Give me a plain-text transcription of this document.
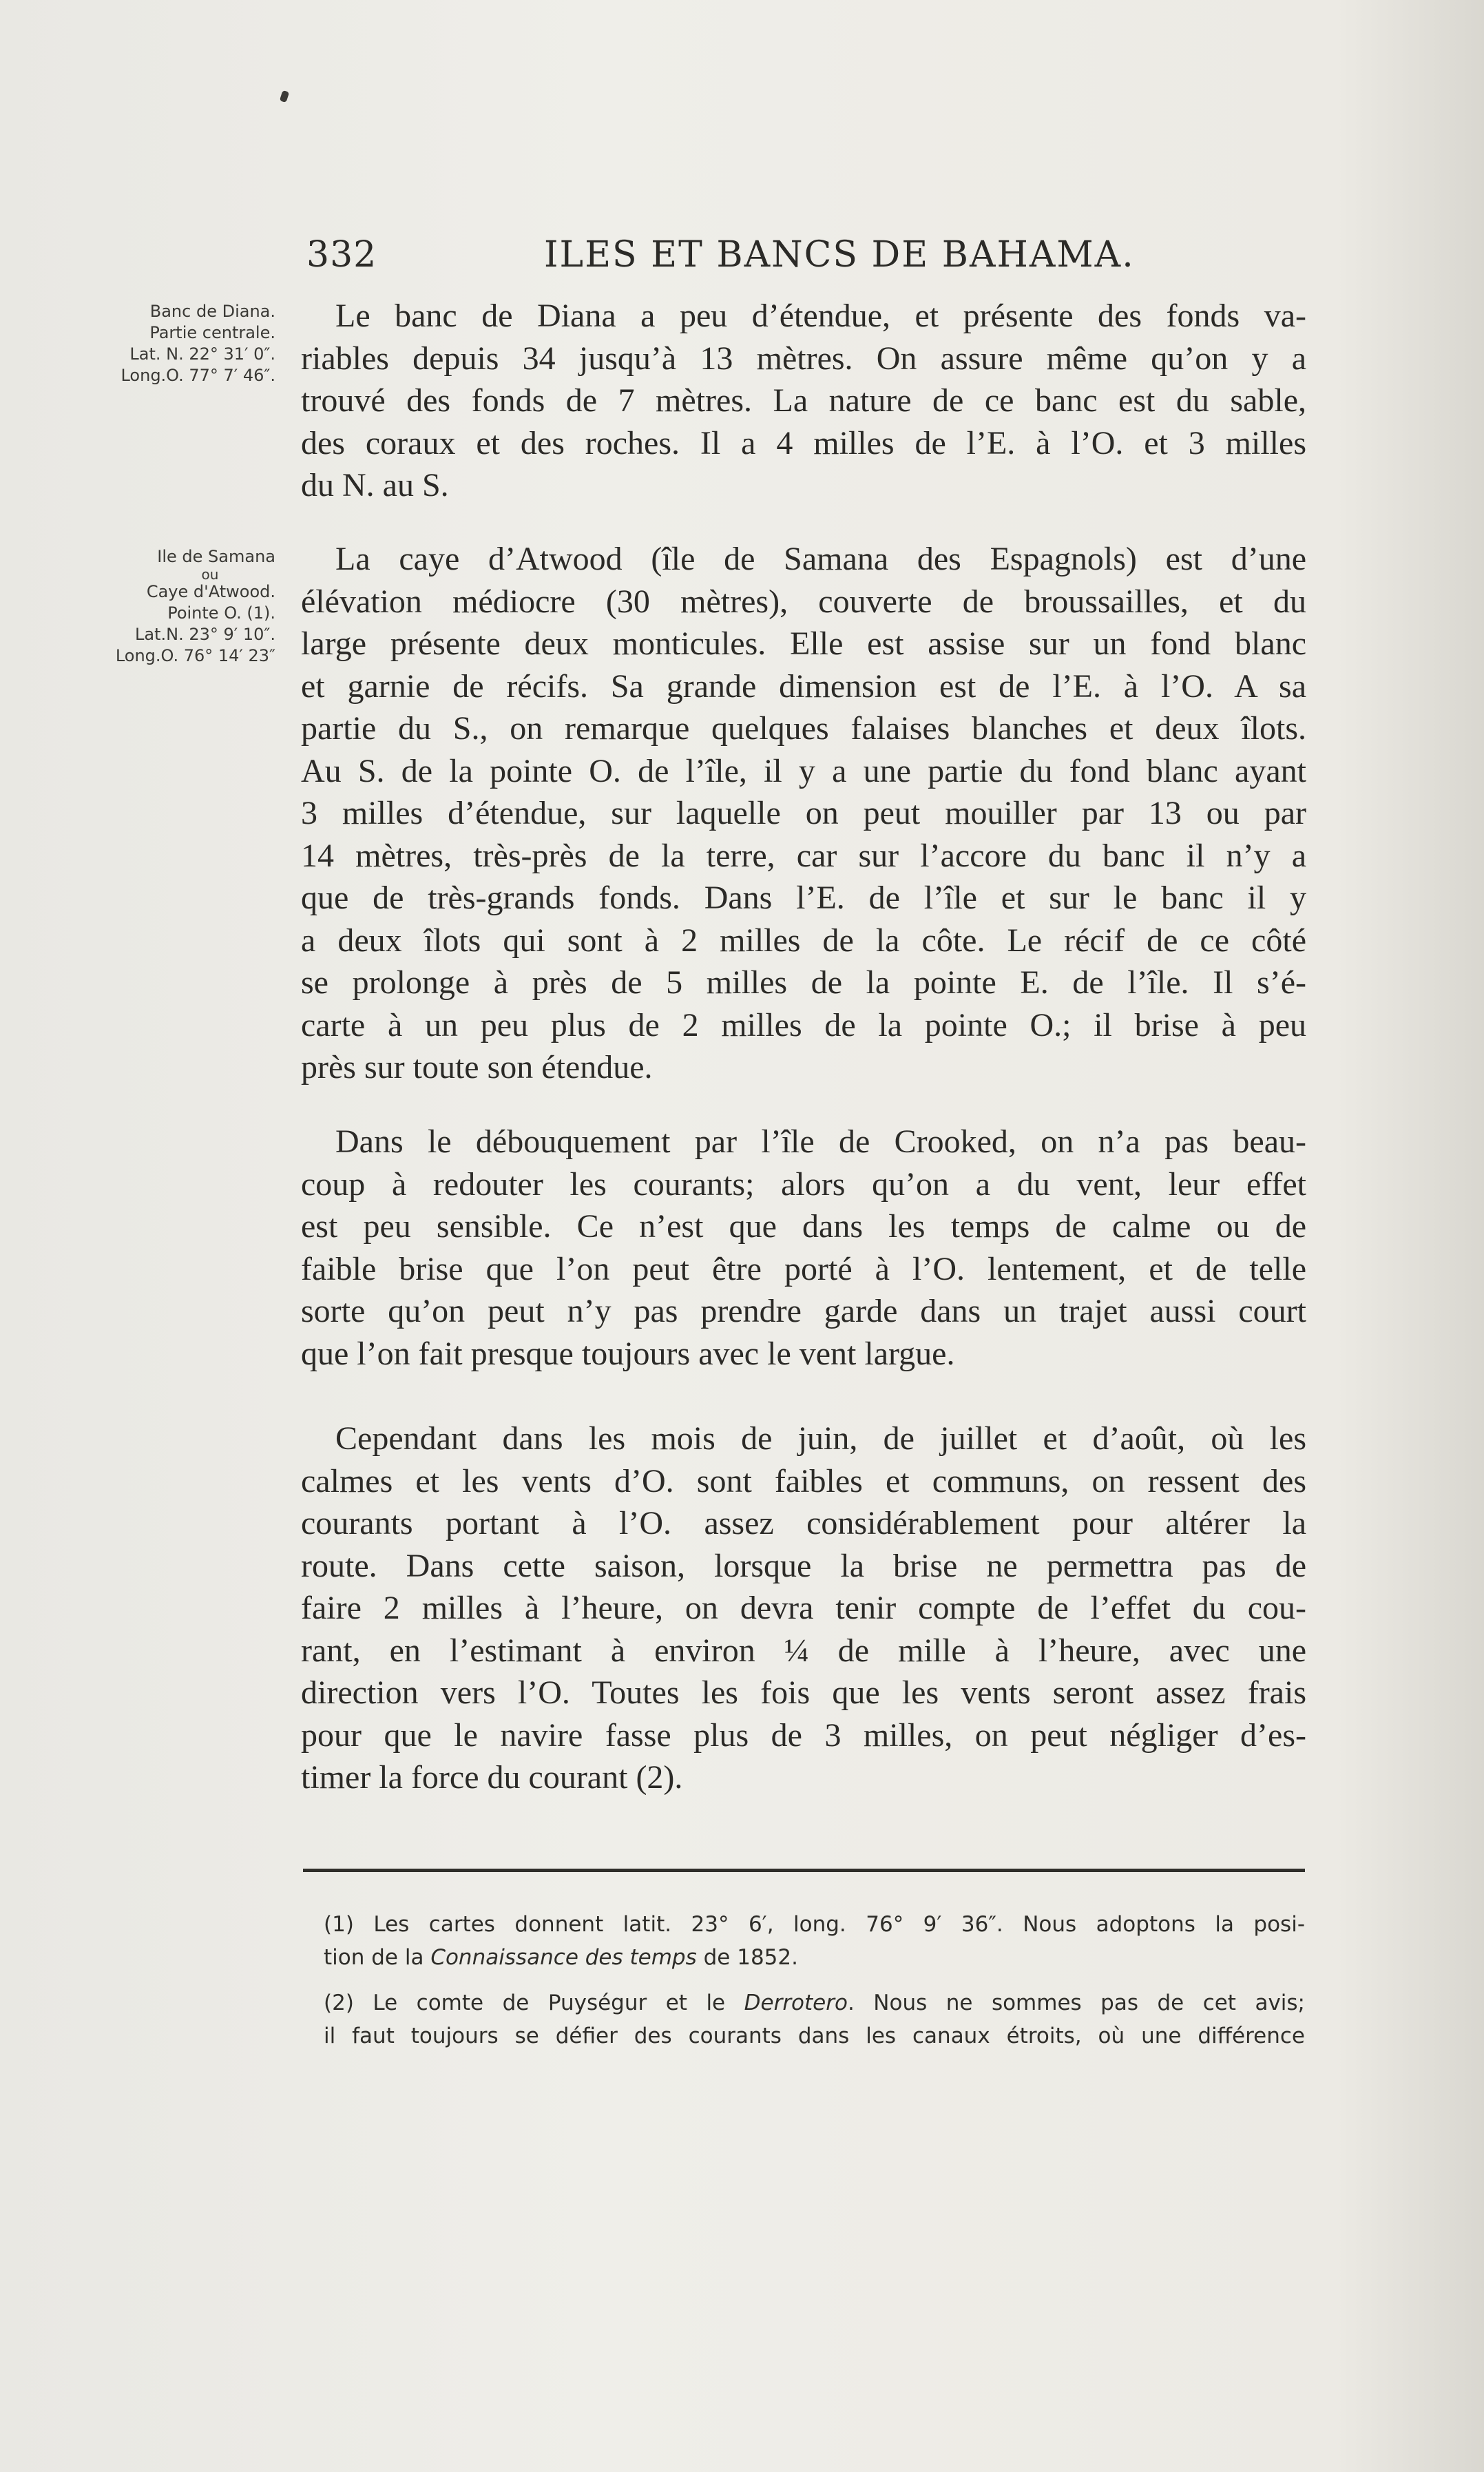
332	ILES ET BANCS DE BAHAMA.
Banc de Diana.
Partie centrale.
Lat. N. 22° 31′ 0″.
Long.O. 77° 7′ 46″.
Ile de Samana
ou
Caye d'Atwood.
Pointe O. (1).
Lat.N. 23° 9′ 10″.
Long.O. 76° 14′ 23″
Le banc de Diana a peu d’étendue, et présente des fonds va-
riables depuis 34 jusqu’à 13 mètres. On assure même qu’on y a
trouvé des fonds de 7 mètres. La nature de ce banc est du sable,
des coraux et des roches. Il a 4 milles de l’E. à l’O. et 3 milles
du N. au S.
La caye d’Atwood (île de Samana des Espagnols) est d’une
élévation médiocre (30 mètres), couverte de broussailles, et du
large présente deux monticules. Elle est assise sur un fond blanc
et garnie de récifs. Sa grande dimension est de l’E. à l’O. A sa
partie du S., on remarque quelques falaises blanches et deux îlots.
Au S. de la pointe O. de l’île, il y a une partie du fond blanc ayant
3 milles d’étendue, sur laquelle on peut mouiller par 13 ou par
14 mètres, très-près de la terre, car sur l’accore du banc il n’y a
que de très-grands fonds. Dans l’E. de l’île et sur le banc il y
a deux îlots qui sont à 2 milles de la côte. Le récif de ce côté
se prolonge à près de 5 milles de la pointe E. de l’île. Il s’é-
carte à un peu plus de 2 milles de la pointe O.; il brise à peu
près sur toute son étendue.
Dans le débouquement par l’île de Crooked, on n’a pas beau-
coup à redouter les courants; alors qu’on a du vent, leur effet
est peu sensible. Ce n’est que dans les temps de calme ou de
faible brise que l’on peut être porté à l’O. lentement, et de telle
sorte qu’on peut n’y pas prendre garde dans un trajet aussi court
que l’on fait presque toujours avec le vent largue.
Cependant dans les mois de juin, de juillet et d’août, où les
calmes et les vents d’O. sont faibles et communs, on ressent des
courants portant à l’O. assez considérablement pour altérer la
route. Dans cette saison, lorsque la brise ne permettra pas de
faire 2 milles à l’heure, on devra tenir compte de l’effet du cou-
rant, en l’estimant à environ ¼ de mille à l’heure, avec une
direction vers l’O. Toutes les fois que les vents seront assez frais
pour que le navire fasse plus de 3 milles, on peut négliger d’es-
timer la force du courant (2).
(1) Les cartes donnent latit. 23° 6′, long. 76° 9′ 36″. Nous adoptons la posi-
tion de la Connaissance des temps de 1852.
(2) Le comte de Puységur et le Derrotero. Nous ne sommes pas de cet avis;
il faut toujours se défier des courants dans les canaux étroits, où une différence
